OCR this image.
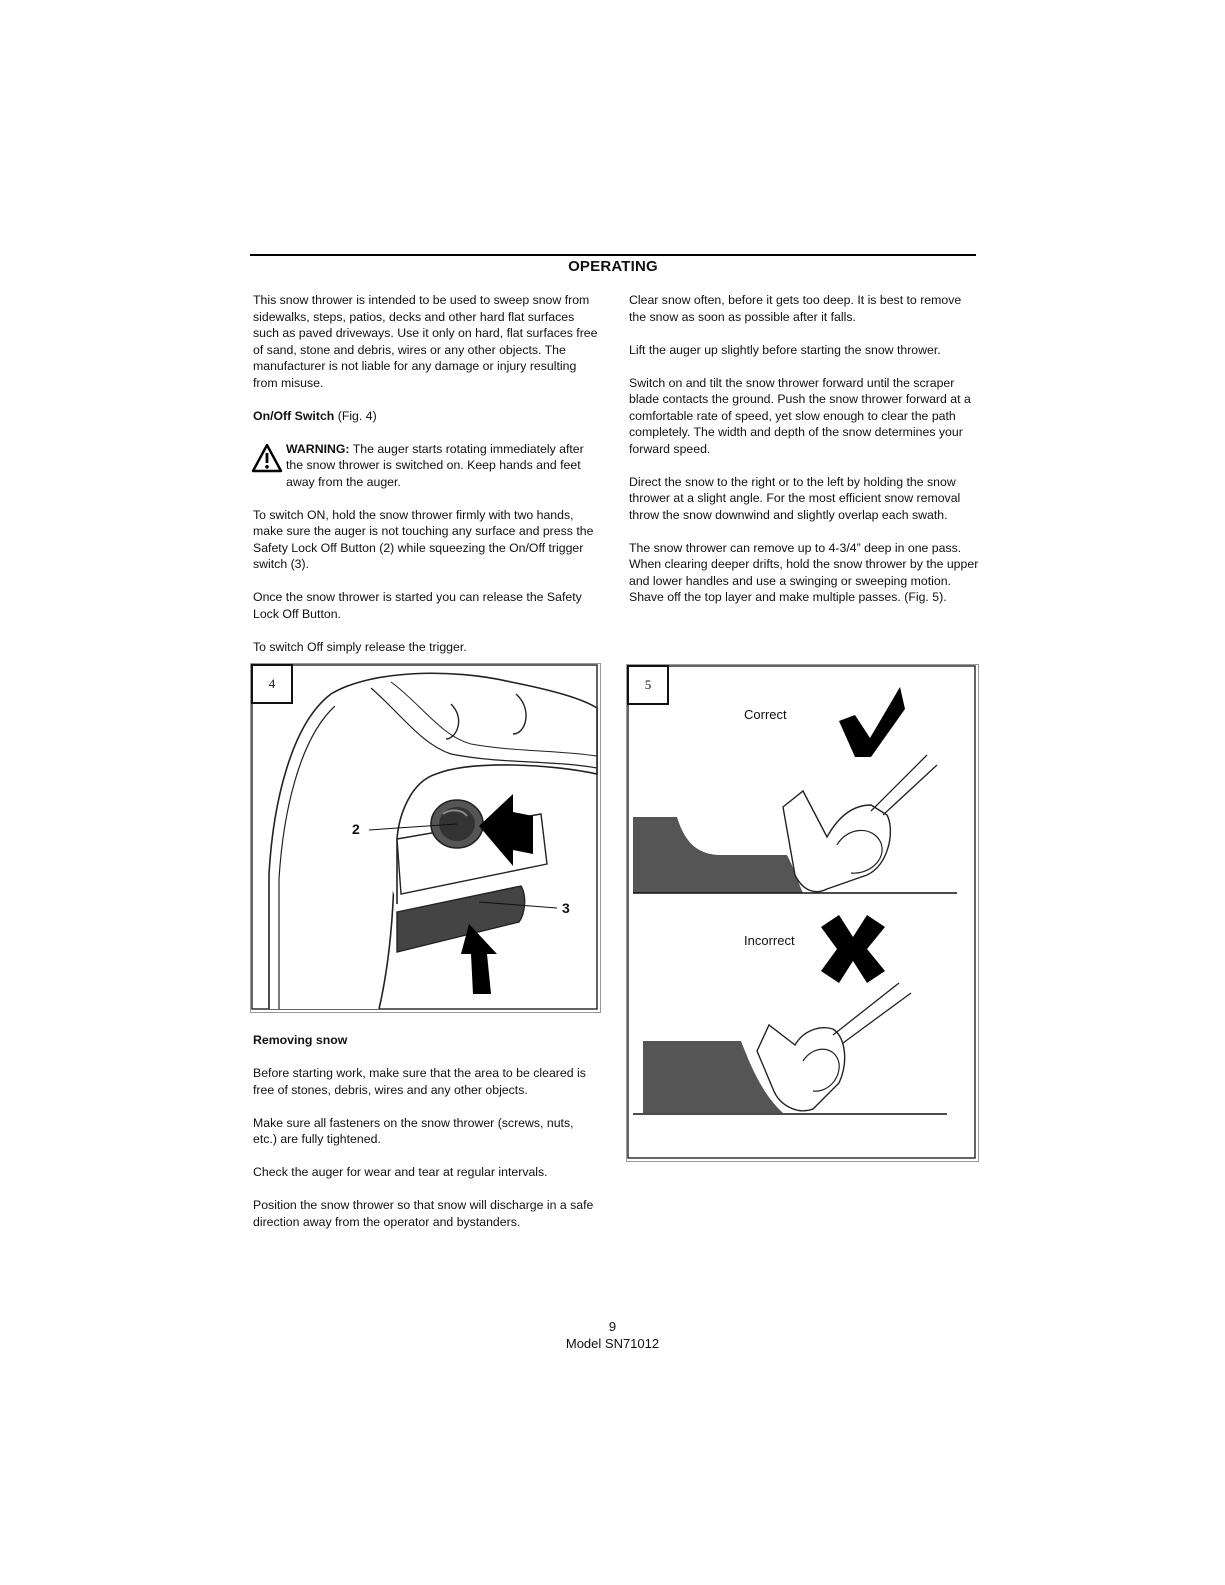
OPERATING

This snow thrower is intended to be used to sweep snow from sidewalks, steps, patios, decks and other hard flat surfaces such as paved driveways. Use it only on hard, flat surfaces free of sand, stone and debris, wires or any other objects. The manufacturer is not liable for any damage or injury resulting from misuse.

On/Off Switch (Fig. 4)

WARNING: The auger starts rotating immediately after the snow thrower is switched on. Keep hands and feet away from the auger.

To switch ON, hold the snow thrower firmly with two hands, make sure the auger is not touching any surface and press the Safety Lock Off Button (2) while squeezing the On/Off trigger switch (3).

Once the snow thrower is started you can release the Safety Lock Off Button.

To switch Off simply release the trigger.

Clear snow often, before it gets too deep. It is best to remove the snow as soon as possible after it falls.

Lift the auger up slightly before starting the snow thrower.

Switch on and tilt the snow thrower forward until the scraper blade contacts the ground. Push the snow thrower forward at a comfortable rate of speed, yet slow enough to clear the path completely. The width and depth of the snow determines your forward speed.

Direct the snow to the right or to the left by holding the snow thrower at a slight angle. For the most efficient snow removal throw the snow downwind and slightly overlap each swath.

The snow thrower can remove up to 4-3/4” deep in one pass. When clearing deeper drifts, hold the snow thrower by the upper and lower handles and use a swinging or sweeping motion. Shave off the top layer and make multiple passes. (Fig. 5).

4
2
3
5
Correct
Incorrect

Removing snow

Before starting work, make sure that the area to be cleared is free of stones, debris, wires and any other objects.

Make sure all fasteners on the snow thrower (screws, nuts, etc.) are fully tightened.

Check the auger for wear and tear at regular intervals.

Position the snow thrower so that snow will discharge in a safe direction away from the operator and bystanders.

9
Model SN71012
